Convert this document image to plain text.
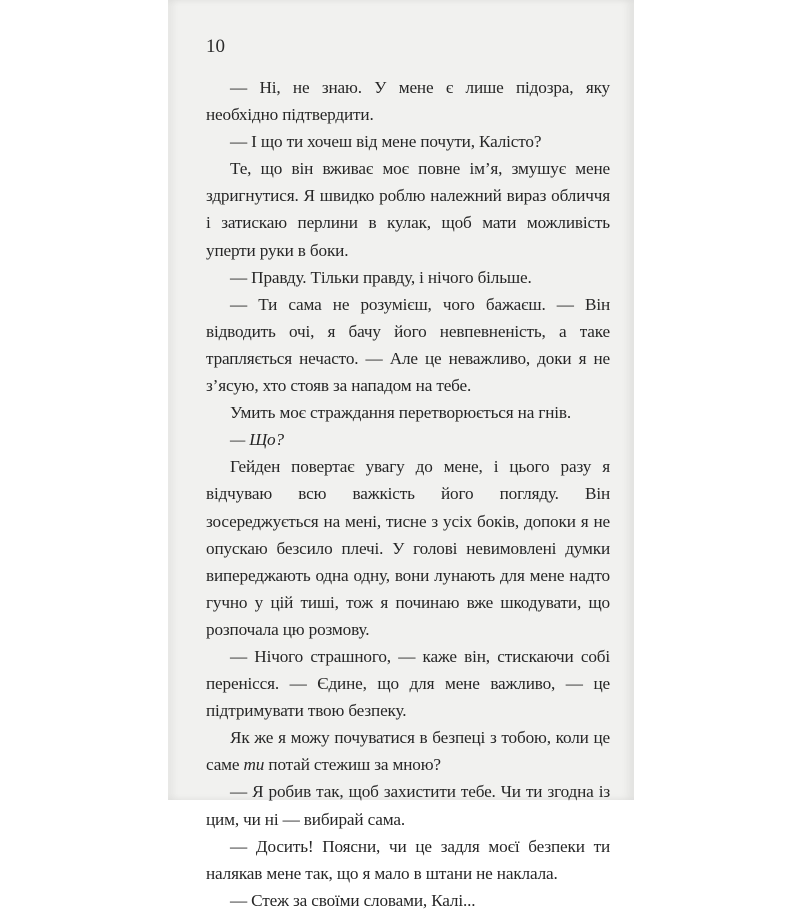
10

— Ні, не знаю. У мене є лише підозра, яку необхідно підтвердити.

— І що ти хочеш від мене почути, Калісто?

Те, що він вживає моє повне ім’я, змушує мене здригнутися. Я швидко роблю належний вираз обличчя і затискаю перлини в кулак, щоб мати можливість уперти руки в боки.

— Правду. Тільки правду, і нічого більше.

— Ти сама не розумієш, чого бажаєш. — Він відводить очі, я бачу його невпевненість, а таке трапляється нечасто. — Але це неважливо, доки я не з’ясую, хто стояв за нападом на тебе.

Умить моє страждання перетворюється на гнів.

— Що?

Гейден повертає увагу до мене, і цього разу я відчуваю всю важкість його погляду. Він зосереджується на мені, тисне з усіх боків, допоки я не опускаю безсило плечі. У голові невимовлені думки випереджають одна одну, вони лунають для мене надто гучно у цій тиші, тож я починаю вже шкодувати, що розпочала цю розмову.

— Нічого страшного, — каже він, стискаючи собі перенісся. — Єдине, що для мене важливо, — це підтримувати твою безпеку.

Як же я можу почуватися в безпеці з тобою, коли це саме ти потай стежиш за мною?

— Я робив так, щоб захистити тебе. Чи ти згодна із цим, чи ні — вибирай сама.

— Досить! Поясни, чи це задля моєї безпеки ти налякав мене так, що я мало в штани не наклала.

— Стеж за своїми словами, Калі...
